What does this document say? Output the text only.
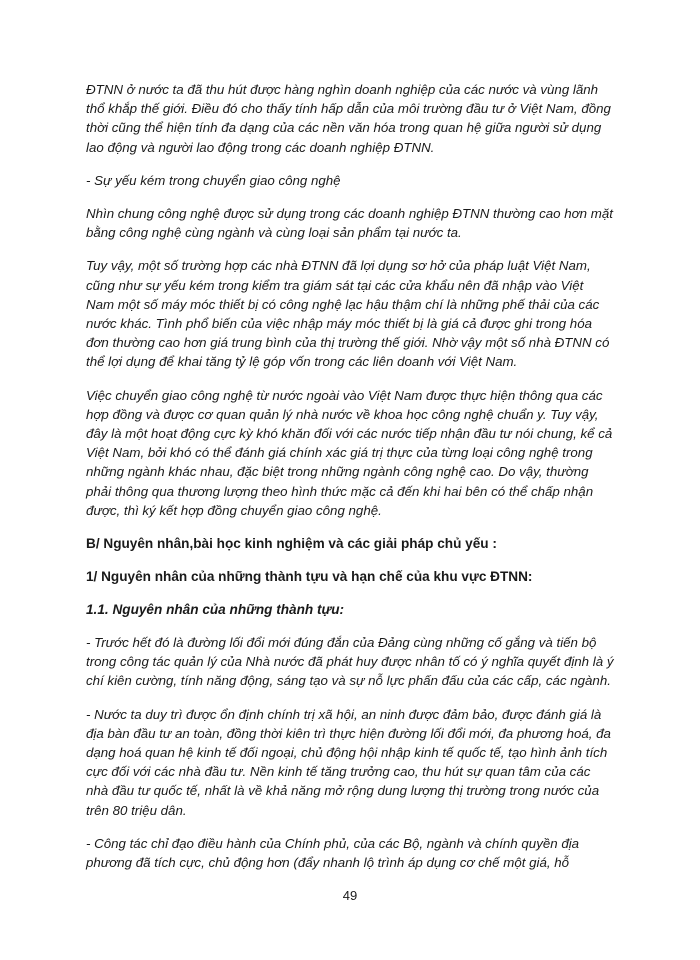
ĐTNN ở nước ta đã thu hút được hàng nghìn doanh nghiệp của các nước và vùng lãnh thổ khắp thế giới. Điều đó cho thấy tính hấp dẫn của môi trường đầu tư ở Việt Nam, đồng thời cũng thể hiện tính đa dạng của các nền văn hóa trong quan hệ giữa người sử dụng lao động và người lao động trong các doanh nghiệp ĐTNN.

- Sự yếu kém trong chuyển giao công nghệ

Nhìn chung công nghệ được sử dụng trong các doanh nghiệp ĐTNN thường cao hơn mặt bằng công nghệ cùng ngành và cùng loại sản phẩm tại nước ta.

Tuy vậy, một số trường hợp các nhà ĐTNN đã lợi dụng sơ hở của pháp luật Việt Nam, cũng như sự yếu kém trong kiểm tra giám sát tại các cửa khẩu nên đã nhập vào Việt Nam một số máy móc thiết bị có công nghệ lạc hậu thậm chí là những phế thải của các nước khác. Tình phổ biến của việc nhập máy móc thiết bị là giá cả được ghi trong hóa đơn thường cao hơn giá trung bình của thị trường thế giới. Nhờ vậy một số nhà ĐTNN có thể lợi dụng để khai tăng tỷ lệ góp vốn trong các liên doanh với Việt Nam.

Việc chuyển giao công nghệ từ nước ngoài vào Việt Nam được thực hiện thông qua các hợp đồng và được cơ quan quản lý nhà nước về khoa học công nghệ chuẩn y. Tuy vậy, đây là một hoạt động cực kỳ khó khăn đối với các nước tiếp nhận đầu tư nói chung, kể cả Việt Nam, bởi khó có thể đánh giá chính xác giá trị thực của từng loại công nghệ trong những ngành khác nhau, đặc biệt trong những ngành công nghệ cao. Do vậy, thường phải thông qua thương lượng theo hình thức mặc cả đến khi hai bên có thể chấp nhận được, thì ký kết hợp đồng chuyển giao công nghệ.

B/ Nguyên nhân,bài học kinh nghiệm và các giải pháp chủ yếu :
1/ Nguyên nhân của những thành tựu và hạn chế của khu vực ĐTNN:
1.1. Nguyên nhân của những thành tựu:

- Trước hết đó là đường lối đổi mới đúng đắn của Đảng cùng những cố gắng và tiến bộ trong công tác quản lý của Nhà nước đã phát huy được nhân tố có ý nghĩa quyết định là ý chí kiên cường, tính năng động, sáng tạo và sự nỗ lực phấn đấu của các cấp, các ngành.

- Nước ta duy trì được ổn định chính trị xã hội, an ninh được đảm bảo, được đánh giá là địa bàn đầu tư an toàn, đồng thời kiên trì thực hiện đường lối đổi mới, đa phương hoá, đa dạng hoá quan hệ kinh tế đối ngoại, chủ động hội nhập kinh tế quốc tế, tạo hình ảnh tích cực đối với các nhà đầu tư. Nền kinh tế tăng trưởng cao, thu hút sự quan tâm của các nhà đầu tư quốc tế, nhất là về khả năng mở rộng dung lượng thị trường trong nước của trên 80 triệu dân.

- Công tác chỉ đạo điều hành của Chính phủ, của các Bộ, ngành và chính quyền địa phương đã tích cực, chủ động hơn (đẩy nhanh lộ trình áp dụng cơ chế một giá, hỗ

49
